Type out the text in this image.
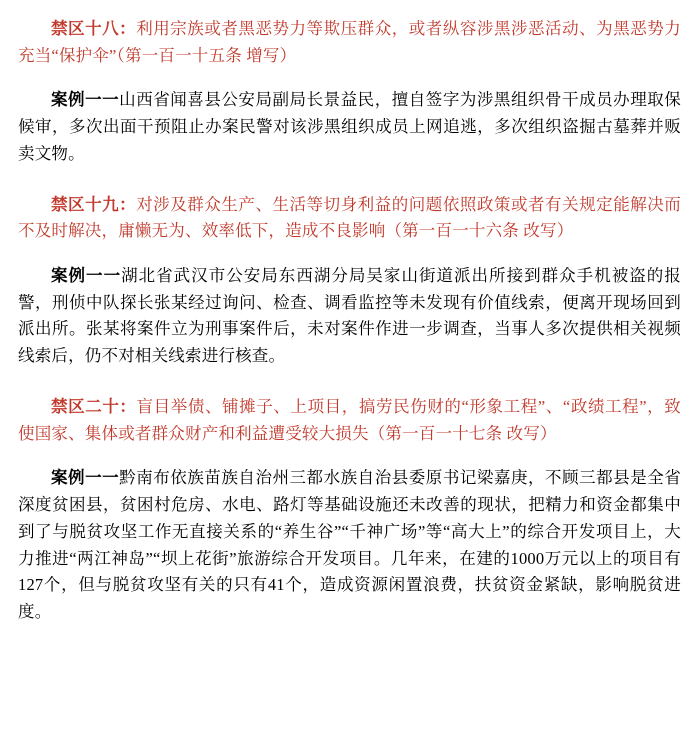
禁区十八：利用宗族或者黑恶势力等欺压群众，或者纵容涉黑涉恶活动、为黑恶势力充当“保护伞”（第一百一十五条 增写）

案例一一山西省闻喜县公安局副局长景益民，擅自签字为涉黑组织骨干成员办理取保候审，多次出面干预阻止办案民警对该涉黑组织成员上网追逃，多次组织盗掘古墓葬并贩卖文物。

禁区十九：对涉及群众生产、生活等切身利益的问题依照政策或者有关规定能解决而不及时解决，庸懒无为、效率低下，造成不良影响（第一百一十六条 改写）

案例一一湖北省武汉市公安局东西湖分局吴家山街道派出所接到群众手机被盗的报警，刑侦中队探长张某经过询问、检查、调看监控等未发现有价值线索，便离开现场回到派出所。张某将案件立为刑事案件后，未对案件作进一步调查，当事人多次提供相关视频线索后，仍不对相关线索进行核查。

禁区二十：盲目举债、铺摊子、上项目，搞劳民伤财的“形象工程”、“政绩工程”，致使国家、集体或者群众财产和利益遭受较大损失（第一百一十七条 改写）

案例一一黔南布依族苗族自治州三都水族自治县委原书记梁嘉庚，不顾三都县是全省深度贫困县，贫困村危房、水电、路灯等基础设施还未改善的现状，把精力和资金都集中到了与脱贫攻坚工作无直接关系的“养生谷”“千神广场”等“高大上”的综合开发项目上，大力推进“两江神岛”“坝上花街”旅游综合开发项目。几年来，在建的1000万元以上的项目有127个，但与脱贫攻坚有关的只有41个，造成资源闲置浪费，扶贫资金紧缺，影响脱贫进度。
